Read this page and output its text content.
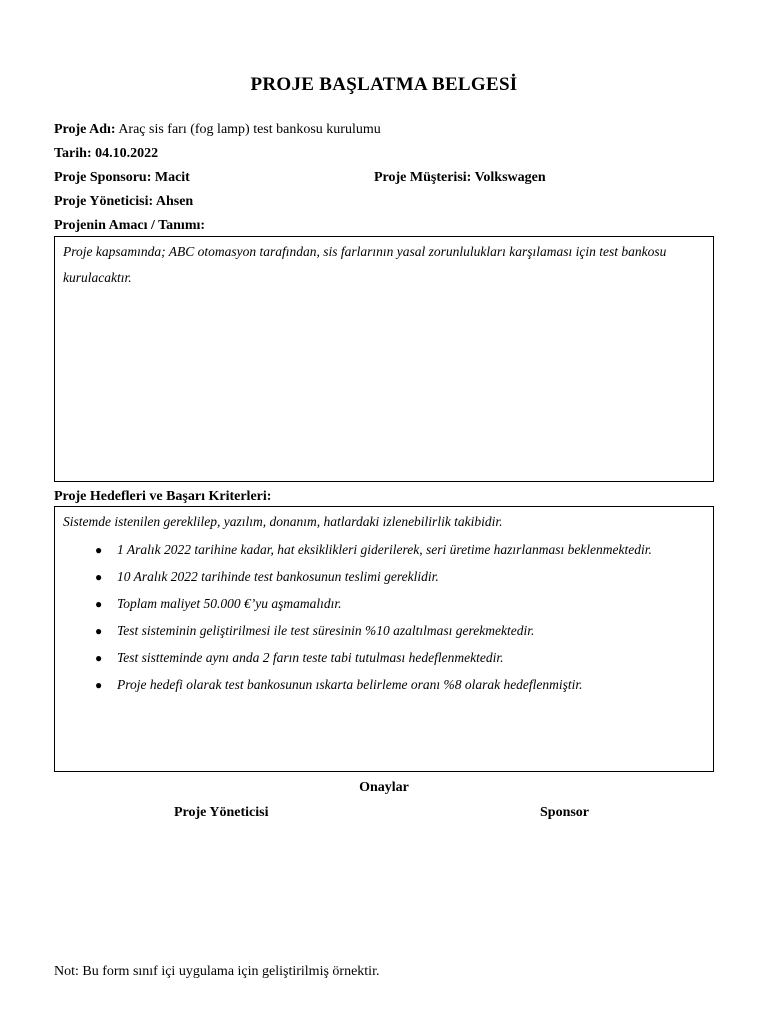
PROJE BAŞLATMA BELGESİ
Proje Adı: Araç sis farı (fog lamp) test bankosu kurulumu
Tarih: 04.10.2022
Proje Sponsoru: Macit	Proje Müşterisi: Volkswagen
Proje Yöneticisi: Ahsen
Projenin Amacı / Tanımı:
Proje kapsamında; ABC otomasyon tarafından, sis farlarının yasal zorunlulukları karşılaması için test bankosu kurulacaktır.
Proje Hedefleri ve Başarı Kriterleri:
Sistemde istenilen gereklilер, yazılım, donanım, hatlardaki izlenebilirlik takibidir.
● 1 Aralık 2022 tarihine kadar, hat eksiklikleri giderilerek, seri üretime hazırlanması beklenmektedir.
● 10 Aralık 2022 tarihinde test bankosunun teslimi gereklidir.
● Toplam maliyet 50.000 €’yu aşmamalıdır.
● Test sisteminin geliştirilmesi ile test süresinin %10 azaltılması gerekmektedir.
● Test sistteminde aynı anda 2 farın teste tabi tutulması hedeflenmektedir.
● Proje hedefi olarak test bankosunun ıskarta belirleme oranı %8 olarak hedeflenmiştir.
Onaylar
Proje Yöneticisi	Sponsor
Not: Bu form sınıf içi uygulama için geliştirilmiş örnektir.
